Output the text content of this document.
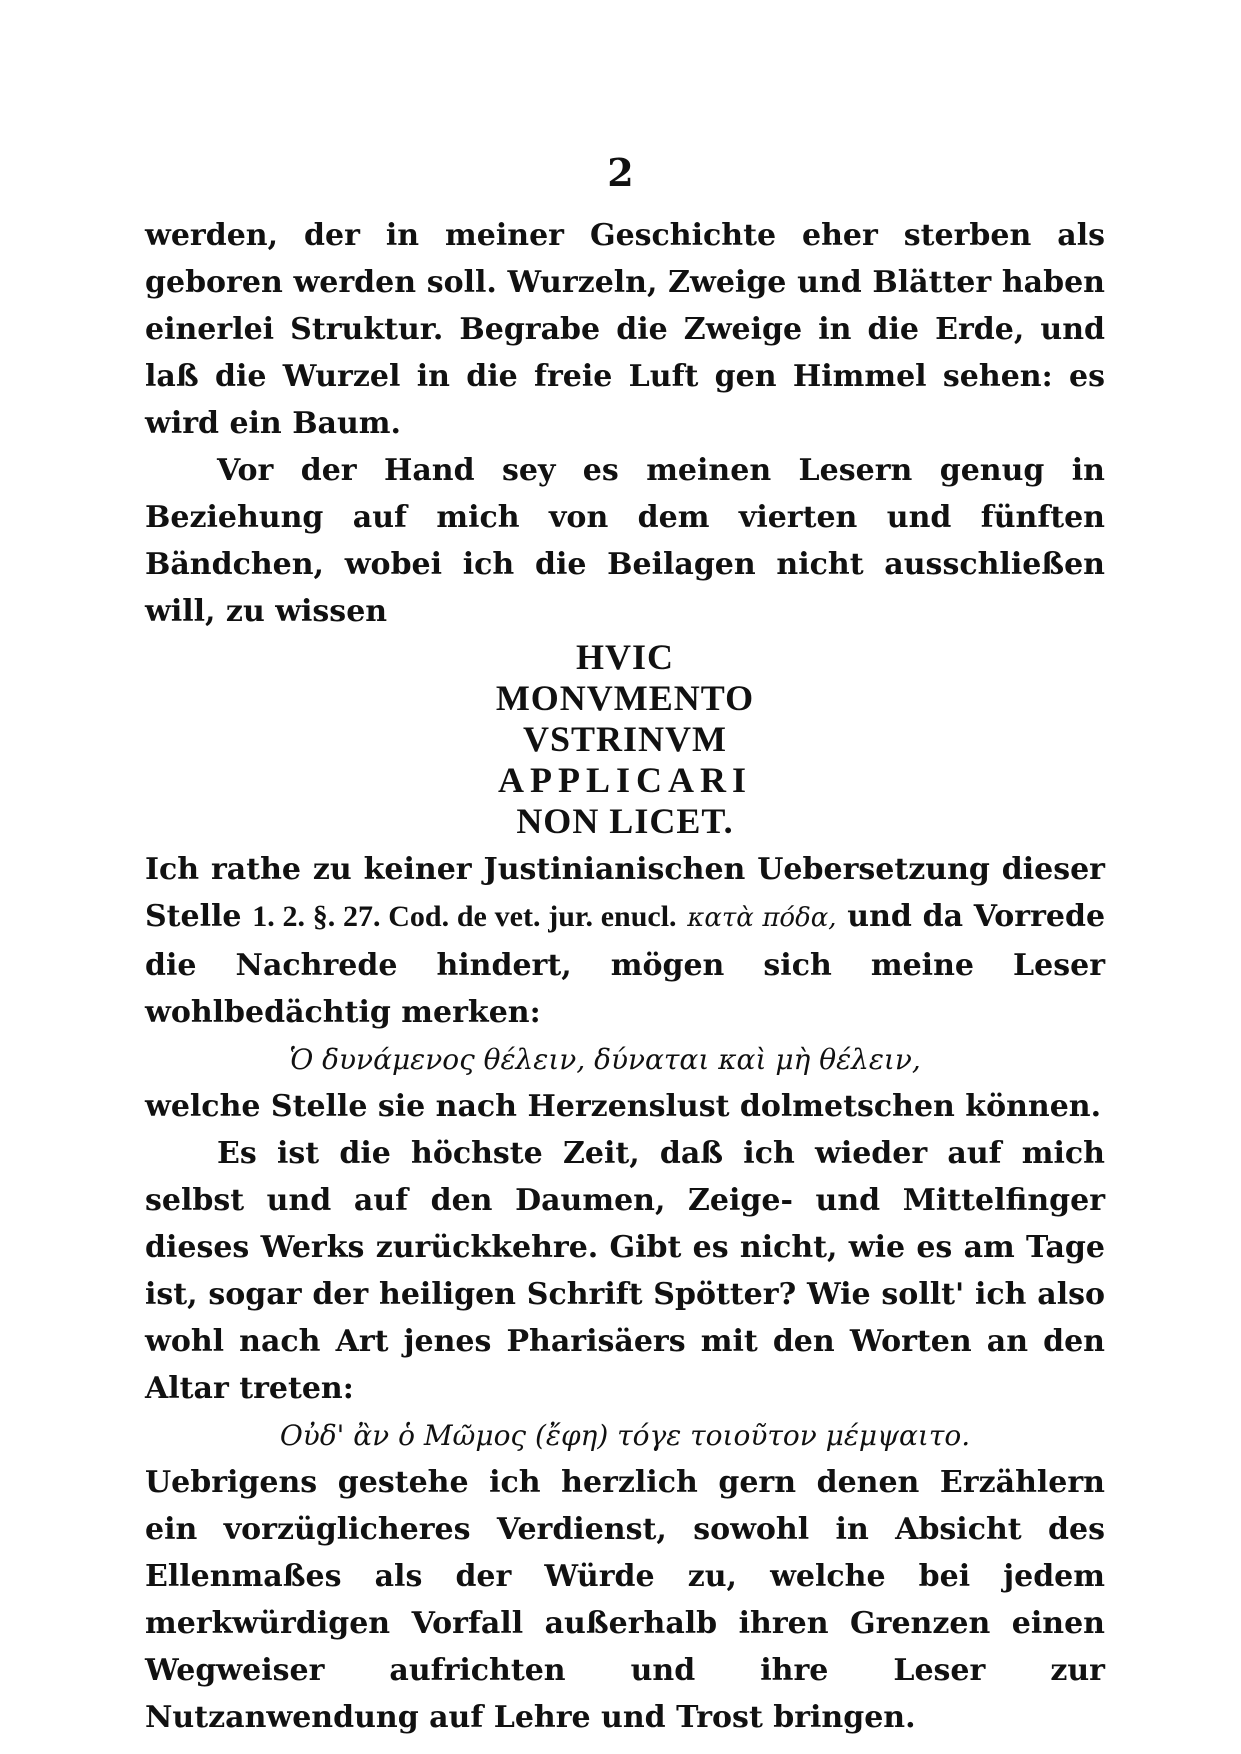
2

werden, der in meiner Geschichte eher sterben als geboren werden soll. Wurzeln, Zweige und Blätter haben einerlei Struktur. Begrabe die Zweige in die Erde, und laß die Wurzel in die freie Luft gen Himmel sehen: es wird ein Baum.

Vor der Hand sey es meinen Lesern genug in Beziehung auf mich von dem vierten und fünften Bändchen, wobei ich die Beilagen nicht ausschließen will, zu wissen

HVIC

MONVMENTO

VSTRINVM

APPLICARI

NON LICET.

Ich rathe zu keiner Justinianischen Uebersetzung dieser Stelle 1. 2. §. 27. Cod. de vet. jur. enucl. κατὰ πόδα, und da Vorrede die Nachrede hindert, mögen sich meine Leser wohlbedächtig merken:

Ὁ δυνάμενος θέλειν, δύναται καὶ μὴ θέλειν,

welche Stelle sie nach Herzenslust dolmetschen können.

Es ist die höchste Zeit, daß ich wieder auf mich selbst und auf den Daumen, Zeige- und Mittelfinger dieses Werks zurückkehre. Gibt es nicht, wie es am Tage ist, sogar der heiligen Schrift Spötter? Wie sollt' ich also wohl nach Art jenes Pharisäers mit den Worten an den Altar treten:

Οὐδ' ἂν ὁ Μῶμος (ἔφη) τόγε τοιοῦτον μέμψαιτο.

Uebrigens gestehe ich herzlich gern denen Erzählern ein vorzüglicheres Verdienst, sowohl in Absicht des Ellenmaßes als der Würde zu, welche bei jedem merkwürdigen Vorfall außerhalb ihren Grenzen einen Wegweiser aufrichten und ihre Leser zur Nutzanwendung auf Lehre und Trost bringen.
